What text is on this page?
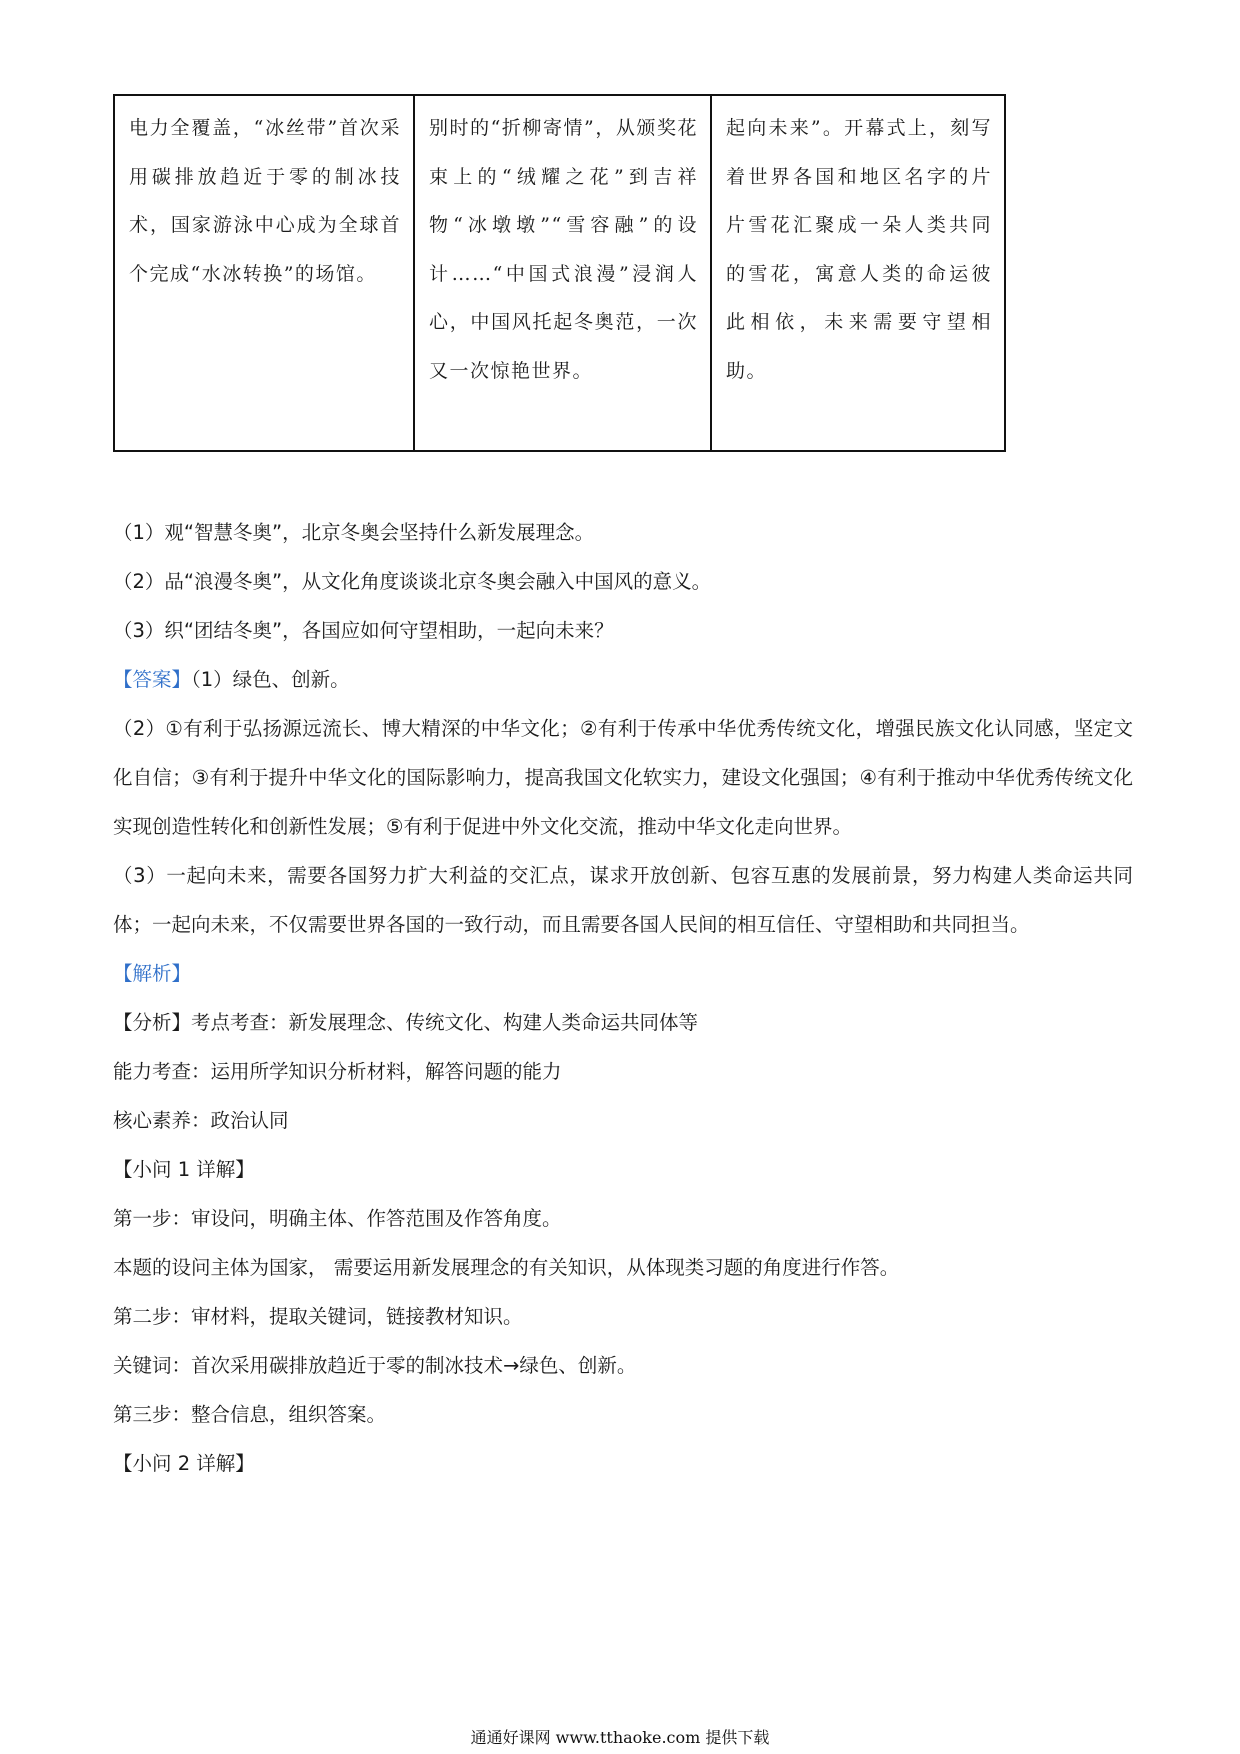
电力全覆盖，“冰丝带”首次采用碳排放趋近于零的制冰技术，国家游泳中心成为全球首个完成“水冰转换”的场馆。
别时的“折柳寄情”，从颁奖花束上的“绒耀之花”到吉祥物“冰墩墩”“雪容融”的设 计……“中国式浪漫”浸润人心，中国风托起冬奥范，一次又一次惊艳世界。
起向未来”。开幕式上，刻写着世界各国和地区名字的片片雪花汇聚成一朵人类共同的雪花，寓意人类的命运彼此相依，未来需要守望相助。

（1）观“智慧冬奥”，北京冬奥会坚持什么新发展理念。

（2）品“浪漫冬奥”，从文化角度谈谈北京冬奥会融入中国风的意义。

（3）织“团结冬奥”，各国应如何守望相助，一起向未来？

【答案】（1）绿色、创新。

（2）①有利于弘扬源远流长、博大精深的中华文化；②有利于传承中华优秀传统文化，增强民族文化认同感，坚定文化自信；③有利于提升中华文化的国际影响力，提高我国文化软实力，建设文化强国；④有利于推动中华优秀传统文化实现创造性转化和创新性发展；⑤有利于促进中外文化交流，推动中华文化走向世界。

（3）一起向未来，需要各国努力扩大利益的交汇点，谋求开放创新、包容互惠的发展前景，努力构建人类命运共同体；一起向未来，不仅需要世界各国的一致行动，而且需要各国人民间的相互信任、守望相助和共同担当。

【解析】

【分析】考点考查：新发展理念、传统文化、构建人类命运共同体等

能力考查：运用所学知识分析材料，解答问题的能力

核心素养：政治认同

【小问 1 详解】

第一步：审设问，明确主体、作答范围及作答角度。

本题的设问主体为国家， 需要运用新发展理念的有关知识，从体现类习题的角度进行作答。

第二步：审材料，提取关键词，链接教材知识。

关键词：首次采用碳排放趋近于零的制冰技术→绿色、创新。

第三步：整合信息，组织答案。

【小问 2 详解】

通通好课网 www.tthaoke.com 提供下载
